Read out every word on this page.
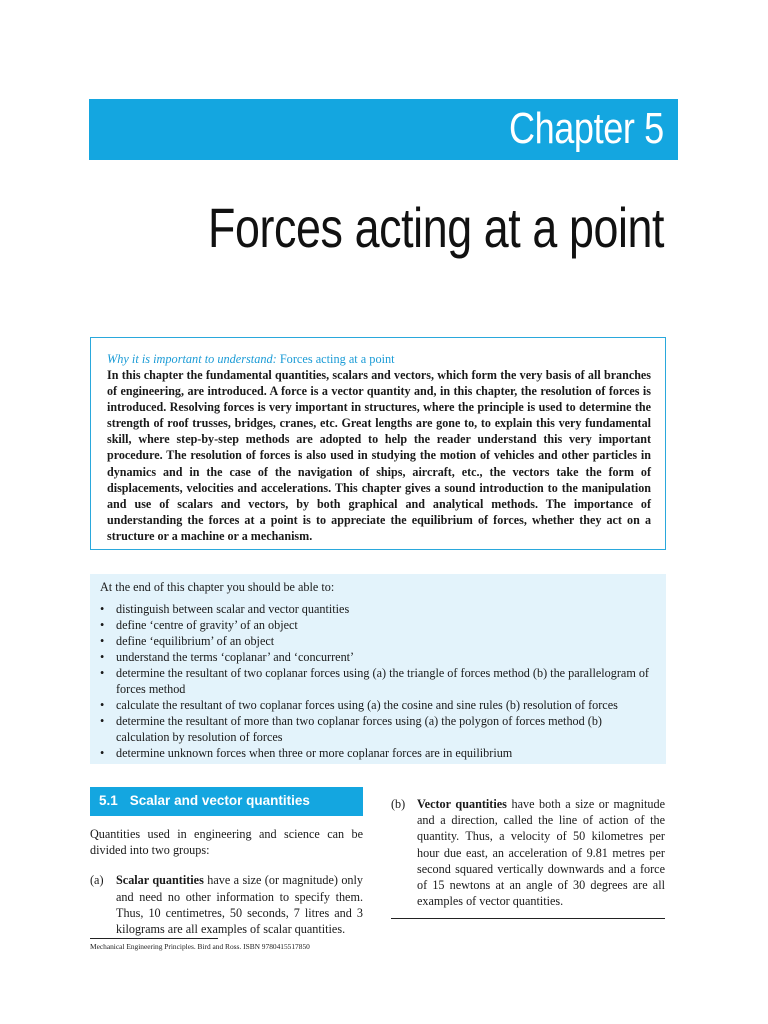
Chapter 5
Forces acting at a point
Why it is important to understand: Forces acting at a point

In this chapter the fundamental quantities, scalars and vectors, which form the very basis of all branches of engineering, are introduced. A force is a vector quantity and, in this chapter, the resolution of forces is introduced. Resolving forces is very important in structures, where the principle is used to determine the strength of roof trusses, bridges, cranes, etc. Great lengths are gone to, to explain this very fundamental skill, where step-by-step methods are adopted to help the reader understand this very important procedure. The resolution of forces is also used in studying the motion of vehicles and other particles in dynamics and in the case of the navigation of ships, aircraft, etc., the vectors take the form of displacements, velocities and accelerations. This chapter gives a sound introduction to the manipulation and use of scalars and vectors, by both graphical and analytical methods. The importance of understanding the forces at a point is to appreciate the equilibrium of forces, whether they act on a structure or a machine or a mechanism.

At the end of this chapter you should be able to:

• distinguish between scalar and vector quantities
• define ‘centre of gravity’ of an object
• define ‘equilibrium’ of an object
• understand the terms ‘coplanar’ and ‘concurrent’
• determine the resultant of two coplanar forces using (a) the triangle of forces method (b) the parallelogram of forces method
• calculate the resultant of two coplanar forces using (a) the cosine and sine rules (b) resolution of forces
• determine the resultant of more than two coplanar forces using (a) the polygon of forces method (b) calculation by resolution of forces
• determine unknown forces when three or more coplanar forces are in equilibrium
5.1 Scalar and vector quantities

Quantities used in engineering and science can be divided into two groups:

(a) Scalar quantities have a size (or magnitude) only and need no other information to specify them. Thus, 10 centimetres, 50 seconds, 7 litres and 3 kilograms are all examples of scalar quantities.

(b) Vector quantities have both a size or magnitude and a direction, called the line of action of the quantity. Thus, a velocity of 50 kilometres per hour due east, an acceleration of 9.81 metres per second squared vertically downwards and a force of 15 newtons at an angle of 30 degrees are all examples of vector quantities.

Mechanical Engineering Principles. Bird and Ross. ISBN 9780415517850
